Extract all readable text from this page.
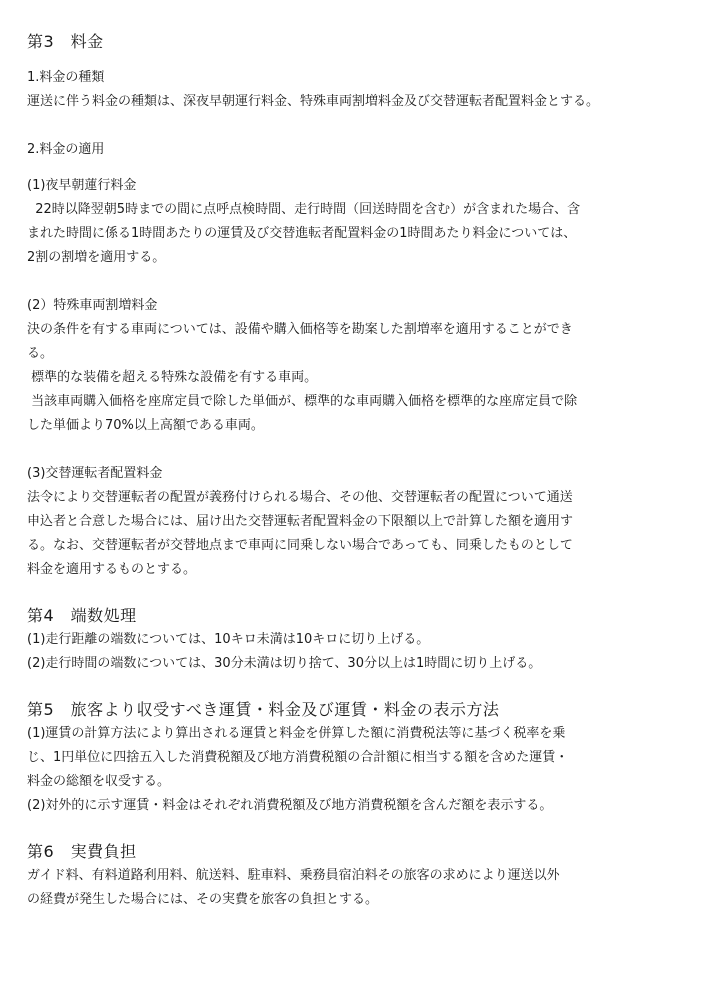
第3　料金

1.料金の種類

運送に伴う料金の種類は、深夜早朝運行料金、特殊車両割増料金及び交替運転者配置料金とする。

2.料金の適用

(1)夜早朝蓮行料金

22時以降翌朝5時までの間に点呼点検時間、走行時間（回送時間を含む）が含まれた場合、含

まれた時間に係る1時間あたりの運賃及び交替進転者配置料金の1時間あたり料金については、

2割の割増を適用する。

(2）特殊車両割増料金

決の条件を有する車両については、設備や購入価格等を勘案した割増率を適用することができ

る。

標準的な装備を超える特殊な設備を有する車両。

当該車両購入価格を座席定員で除した単価が、標準的な車両購入価格を標準的な座席定員で除

した単価より70%以上高額である車両。

(3)交替運転者配置料金

法令により交替運転者の配置が義務付けられる場合、その他、交替運転者の配置について通送

申込者と合意した場合には、届け出た交替運転者配置料金の下限額以上で計算した額を適用す

る。なお、交替運転者が交替地点まで車両に同乗しない場合であっても、同乗したものとして

料金を適用するものとする。

第4　端数処理

(1)走行距離の端数については、10キロ未満は10キロに切り上げる。

(2)走行時間の端数については、30分未満は切り捨て、30分以上は1時間に切り上げる。

第5　旅客より収受すべき運賃・料金及び運賃・料金の表示方法

(1)運賃の計算方法により算出される運賃と料金を併算した額に消費税法等に基づく税率を乗

じ、1円単位に四捨五入した消費税額及び地方消費税額の合計額に相当する額を含めた運賃・

料金の総額を収受する。

(2)対外的に示す運賃・料金はそれぞれ消費税額及び地方消費税額を含んだ額を表示する。

第6　実費負担

ガイド料、有料道路利用料、航送料、駐車料、乗務員宿泊料その旅客の求めにより運送以外

の経費が発生した場合には、その実費を旅客の負担とする。
